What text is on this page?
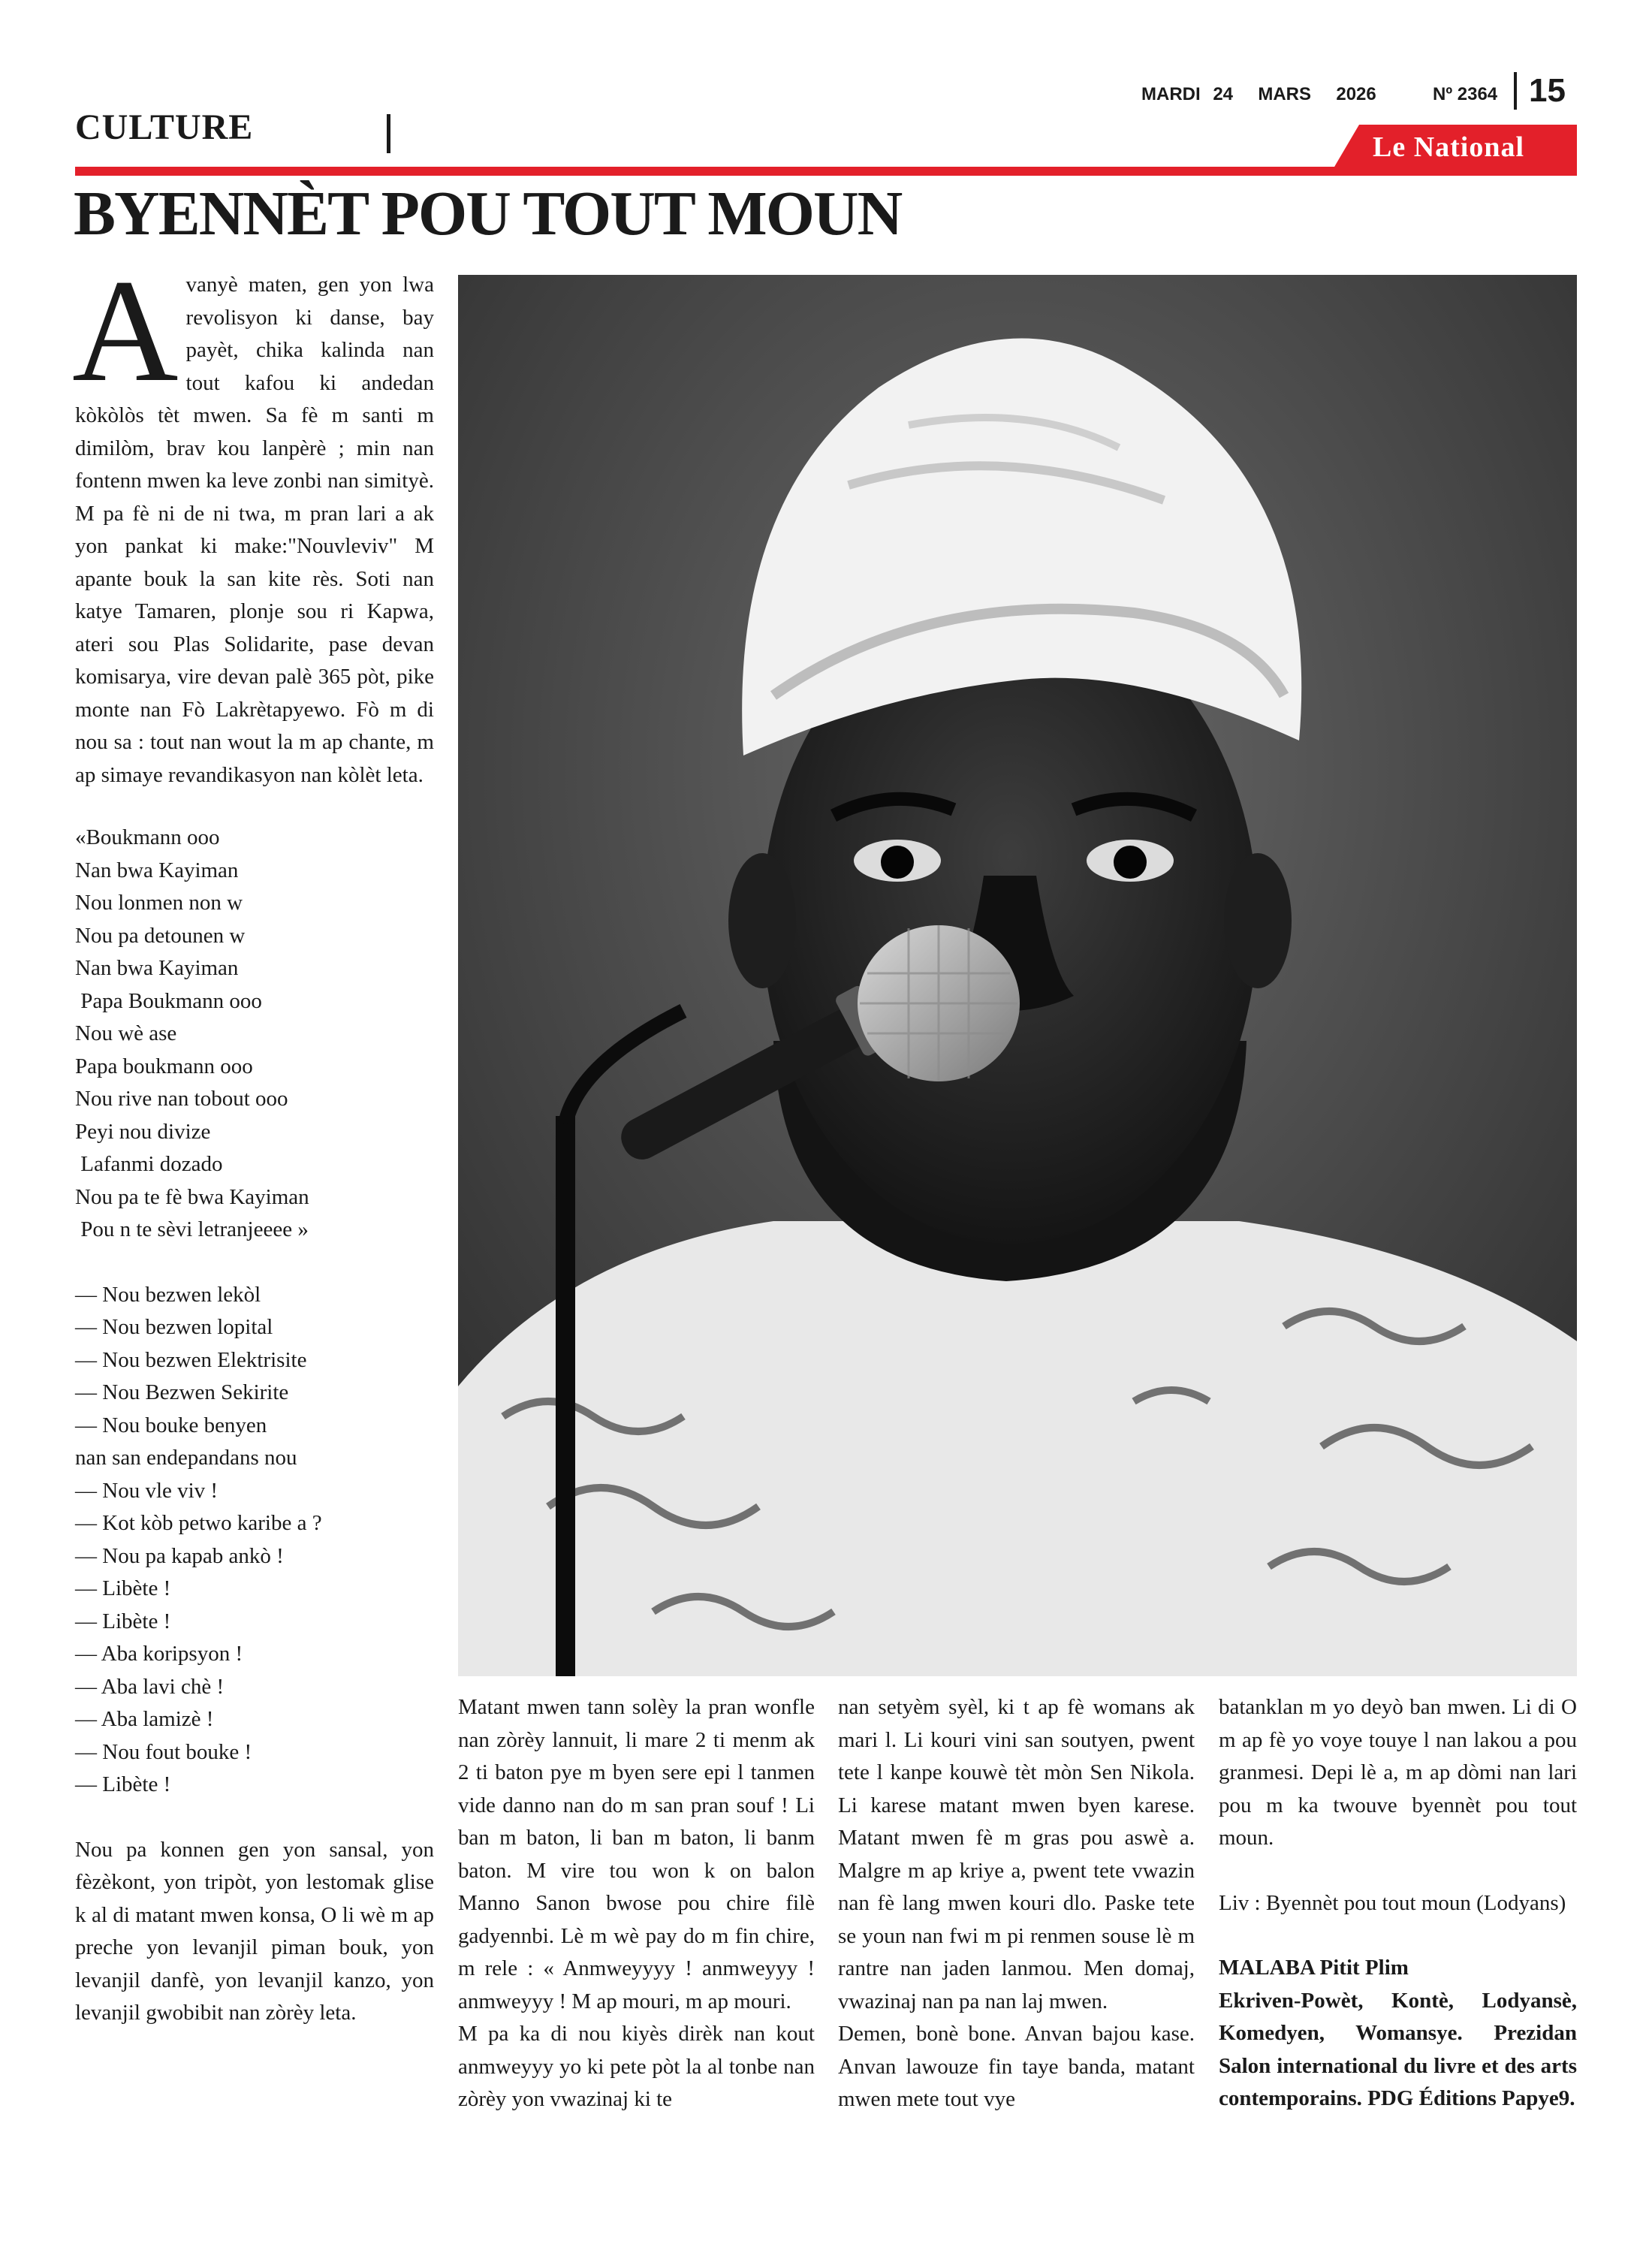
CULTURE
MARDI 24  MARS  2026	Nº 2364 15
Le National
BYENNÈT POU TOUT MOUN

Avanyè maten, gen yon lwa revolisyon ki danse, bay payèt, chika kalinda nan tout kafou ki andedan kòkòlòs tèt mwen. Sa fè m santi m dimilòm, brav kou lanpèrè ; min nan fontenn mwen ka leve zonbi nan simityè. M pa fè ni de ni twa, m pran lari a ak yon pankat ki make:"Nouvleviv" M apante bouk la san kite rès. Soti nan katye Tamaren, plonje sou ri Kapwa, ateri sou Plas Solidarite, pase devan komisarya, vire devan palè 365 pòt, pike monte nan Fò Lakrètapyewo. Fò m di nou sa : tout nan wout la m ap chante, m ap simaye revandikasyon nan kòlèt leta.

«Boukmann ooo
Nan bwa Kayiman
Nou lonmen non w
Nou pa detounen w
Nan bwa Kayiman
Papa Boukmann ooo
Nou wè ase
Papa boukmann ooo
Nou rive nan tobout ooo
Peyi nou divize
Lafanmi dozado
Nou pa te fè bwa Kayiman
Pou n te sèvi letranjeeee »
— Nou bezwen lekòl
— Nou bezwen lopital
— Nou bezwen Elektrisite
— Nou Bezwen Sekirite
— Nou bouke benyen
nan san endepandans nou
— Nou vle viv !
— Kot kòb petwo karibe a ?
— Nou pa kapab ankò !
— Libète !
— Libète !
— Aba koripsyon !
— Aba lavi chè !
— Aba lamizè !
— Nou fout bouke !
— Libète !

Nou pa konnen gen yon sansal, yon fèzèkont, yon tripòt, yon lestomak glise k al di matant mwen konsa, O li wè m ap preche yon levanjil piman bouk, yon levanjil danfè, yon levanjil kanzo, yon levanjil gwobibit nan zòrèy leta.

Matant mwen tann solèy la pran wonfle nan zòrèy lannuit, li mare 2 ti menm ak 2 ti baton pye m byen sere epi l tanmen vide danno nan do m san pran souf ! Li ban m baton, li ban m baton, li banm baton. M vire tou won k on balon Manno Sanon bwose pou chire filè gadyennbi. Lè m wè pay do m fin chire, m rele : « Anmweyyyy ! anmweyyy ! anmweyyy ! M ap mouri, m ap mouri.

M pa ka di nou kiyès dirèk nan kout anmweyyy yo ki pete pòt la al tonbe nan zòrèy yon vwazinaj ki te

nan setyèm syèl, ki t ap fè womans ak mari l. Li kouri vini san soutyen, pwent tete l kanpe kouwè tèt mòn Sen Nikola. Li karese matant mwen byen karese. Matant mwen fè m gras pou aswè a. Malgre m ap kriye a, pwent tete vwazin nan fè lang mwen kouri dlo. Paske tete se youn nan fwi m pi renmen souse lè m rantre nan jaden lanmou. Men domaj, vwazinaj nan pa nan laj mwen.

Demen, bonè bone. Anvan bajou kase. Anvan lawouze fin taye banda, matant mwen mete tout vye

batanklan m yo deyò ban mwen. Li di O m ap fè yo voye touye l nan lakou a pou granmesi. Depi lè a, m ap dòmi nan lari pou m ka twouve byennèt pou tout moun.

Liv : Byennèt pou tout moun (Lodyans)

MALABA Pitit Plim

Ekriven-Powèt, Kontè, Lodyansè, Komedyen, Womansye. Prezidan Salon international du livre et des arts contemporains. PDG Éditions Papye9.
